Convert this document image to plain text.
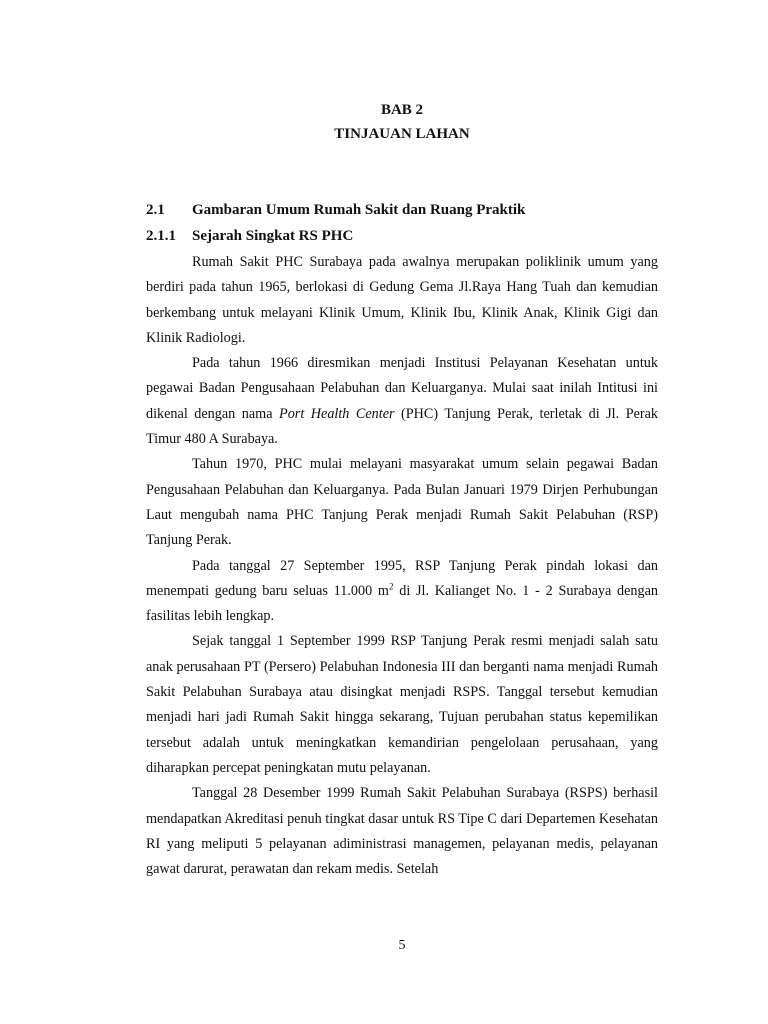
BAB 2
TINJAUAN LAHAN
2.1 Gambaran Umum Rumah Sakit dan Ruang Praktik
2.1.1 Sejarah Singkat RS PHC

Rumah Sakit PHC Surabaya pada awalnya merupakan poliklinik umum yang berdiri pada tahun 1965, berlokasi di Gedung Gema Jl.Raya Hang Tuah dan kemudian berkembang untuk melayani Klinik Umum, Klinik Ibu, Klinik Anak, Klinik Gigi dan Klinik Radiologi.

Pada tahun 1966 diresmikan menjadi Institusi Pelayanan Kesehatan untuk pegawai Badan Pengusahaan Pelabuhan dan Keluarganya. Mulai saat inilah Intitusi ini dikenal dengan nama Port Health Center (PHC) Tanjung Perak, terletak di Jl. Perak Timur 480 A Surabaya.

Tahun 1970, PHC mulai melayani masyarakat umum selain pegawai Badan Pengusahaan Pelabuhan dan Keluarganya. Pada Bulan Januari 1979 Dirjen Perhubungan Laut mengubah nama PHC Tanjung Perak menjadi Rumah Sakit Pelabuhan (RSP) Tanjung Perak.

Pada tanggal 27 September 1995, RSP Tanjung Perak pindah lokasi dan menempati gedung baru seluas 11.000 $m^2$ di Jl. Kalianget No. 1 - 2 Surabaya dengan fasilitas lebih lengkap.

Sejak tanggal 1 September 1999 RSP Tanjung Perak resmi menjadi salah satu anak perusahaan PT (Persero) Pelabuhan Indonesia III dan berganti nama menjadi Rumah Sakit Pelabuhan Surabaya atau disingkat menjadi RSPS. Tanggal tersebut kemudian menjadi hari jadi Rumah Sakit hingga sekarang, Tujuan perubahan status kepemilikan tersebut adalah untuk meningkatkan kemandirian pengelolaan perusahaan, yang diharapkan percepat peningkatan mutu pelayanan.

Tanggal 28 Desember 1999 Rumah Sakit Pelabuhan Surabaya (RSPS) berhasil mendapatkan Akreditasi penuh tingkat dasar untuk RS Tipe C dari Departemen Kesehatan RI yang meliputi 5 pelayanan adiministrasi managemen, pelayanan medis, pelayanan gawat darurat, perawatan dan rekam medis. Setelah

5
